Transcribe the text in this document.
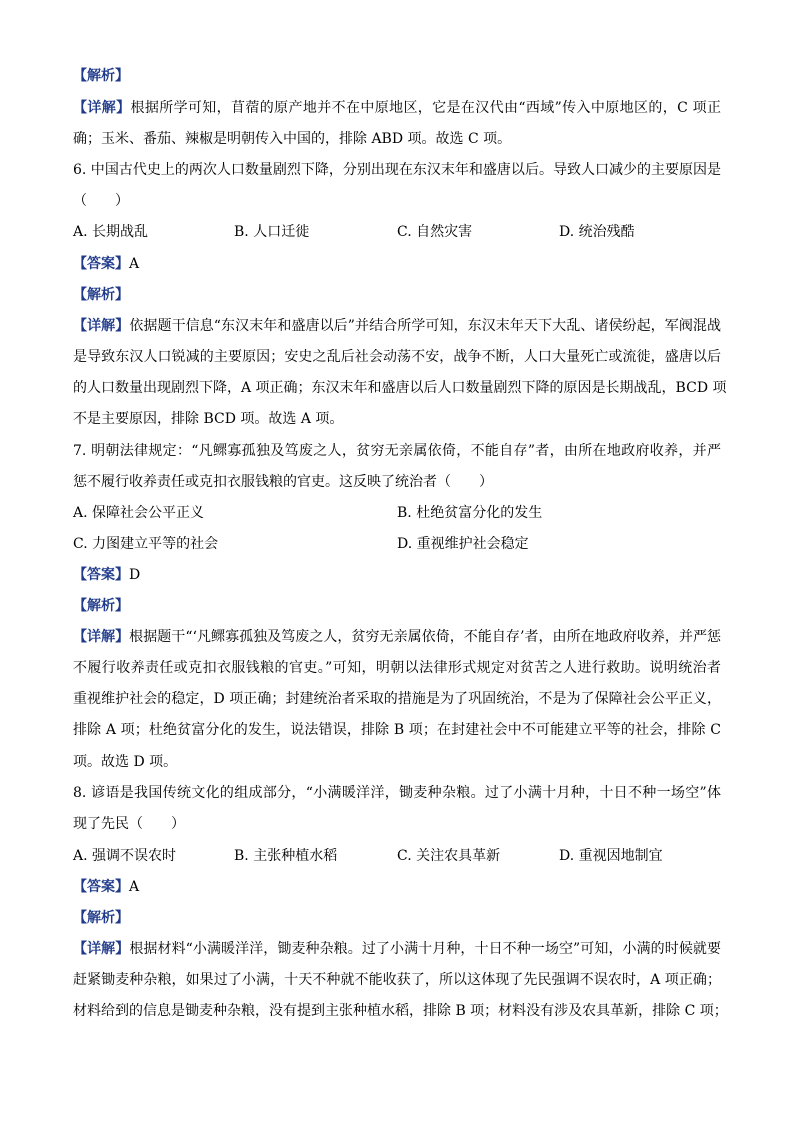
【解析】
【详解】根据所学可知，苜蓿的原产地并不在中原地区，它是在汉代由“西域”传入中原地区的，C 项正
确；玉米、番茄、辣椒是明朝传入中国的，排除 ABD 项。故选 C 项。
6. 中国古代史上的两次人口数量剧烈下降，分别出现在东汉末年和盛唐以后。导致人口减少的主要原因是
（　　）
A. 长期战乱	B. 人口迁徙	C. 自然灾害	D. 统治残酷
【答案】A
【解析】
【详解】依据题干信息“东汉末年和盛唐以后”并结合所学可知，东汉末年天下大乱、诸侯纷起，军阀混战
是导致东汉人口锐减的主要原因；安史之乱后社会动荡不安，战争不断，人口大量死亡或流徙，盛唐以后
的人口数量出现剧烈下降，A 项正确；东汉末年和盛唐以后人口数量剧烈下降的原因是长期战乱，BCD 项
不是主要原因，排除 BCD 项。故选 A 项。
7. 明朝法律规定：“凡鳏寡孤独及笃废之人，贫穷无亲属依倚，不能自存”者，由所在地政府收养，并严
惩不履行收养责任或克扣衣服钱粮的官吏。这反映了统治者（　　）
A. 保障社会公平正义	B. 杜绝贫富分化的发生
C. 力图建立平等的社会	D. 重视维护社会稳定
【答案】D
【解析】
【详解】根据题干“‘凡鳏寡孤独及笃废之人，贫穷无亲属依倚，不能自存’者，由所在地政府收养，并严惩
不履行收养责任或克扣衣服钱粮的官吏。”可知，明朝以法律形式规定对贫苦之人进行救助。说明统治者
重视维护社会的稳定，D 项正确；封建统治者采取的措施是为了巩固统治，不是为了保障社会公平正义，
排除 A 项；杜绝贫富分化的发生，说法错误，排除 B 项；在封建社会中不可能建立平等的社会，排除 C
项。故选 D 项。
8. 谚语是我国传统文化的组成部分，“小满暖洋洋，锄麦种杂粮。过了小满十月种，十日不种一场空”体
现了先民（　　）
A. 强调不误农时	B. 主张种植水稻	C. 关注农具革新	D. 重视因地制宜
【答案】A
【解析】
【详解】根据材料“小满暖洋洋，锄麦种杂粮。过了小满十月种，十日不种一场空”可知，小满的时候就要
赶紧锄麦种杂粮，如果过了小满，十天不种就不能收获了，所以这体现了先民强调不误农时，A 项正确；
材料给到的信息是锄麦种杂粮，没有提到主张种植水稻，排除 B 项；材料没有涉及农具革新，排除 C 项；
